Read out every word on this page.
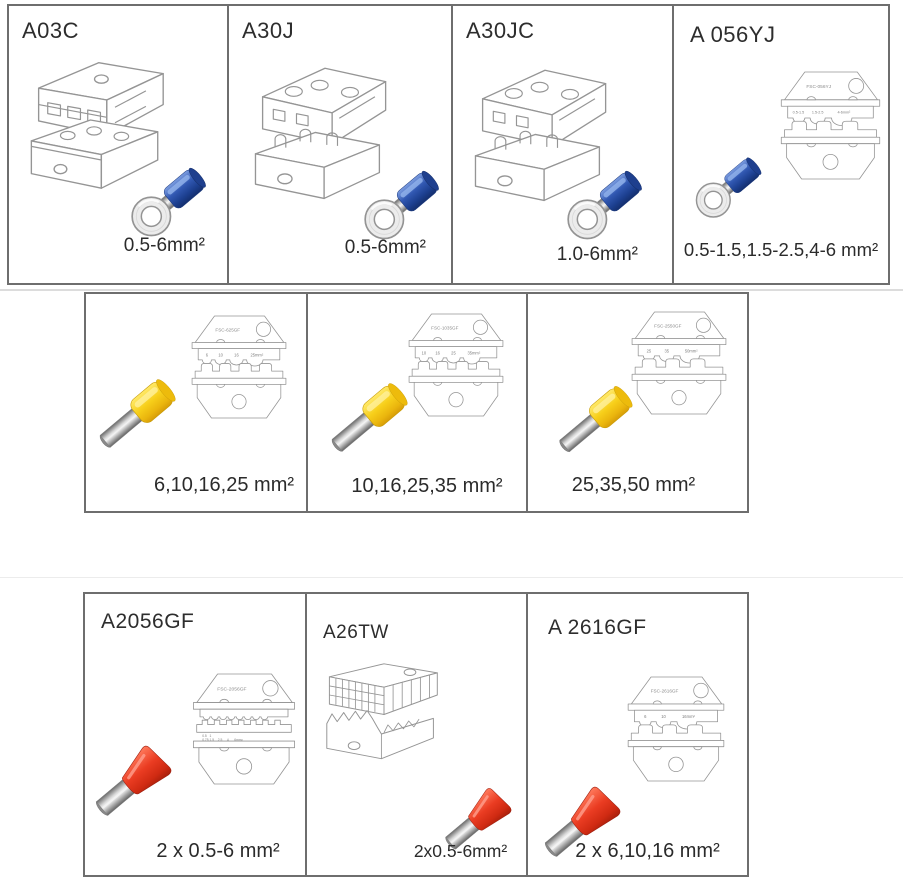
A03C
0.5-6mm²
A30J
0.5-6mm²
A30JC
1.0-6mm²
A 056YJ
FSC-056YJ
0.5-1.5 1.5-2.5 4-6mm²
0.5-1.5,1.5-2.5,4-6 mm²
FSC-625GF
6 10 16 25mm²
6,10,16,25 mm²
FSC-1035GF
10 16 25 35mm²
10,16,25,35 mm²
FSC-2550GF
25 35 50mm²
25,35,50 mm²
A2056GF
FSC-2056GF
0.5   1
0.75 1.5    2.5     4      6mm²
2 x 0.5-6 mm²
A26TW
2x0.5-6mm²
A 2616GF
FSC-2616GF
6 10 16mm²
2 x 6,10,16 mm²
